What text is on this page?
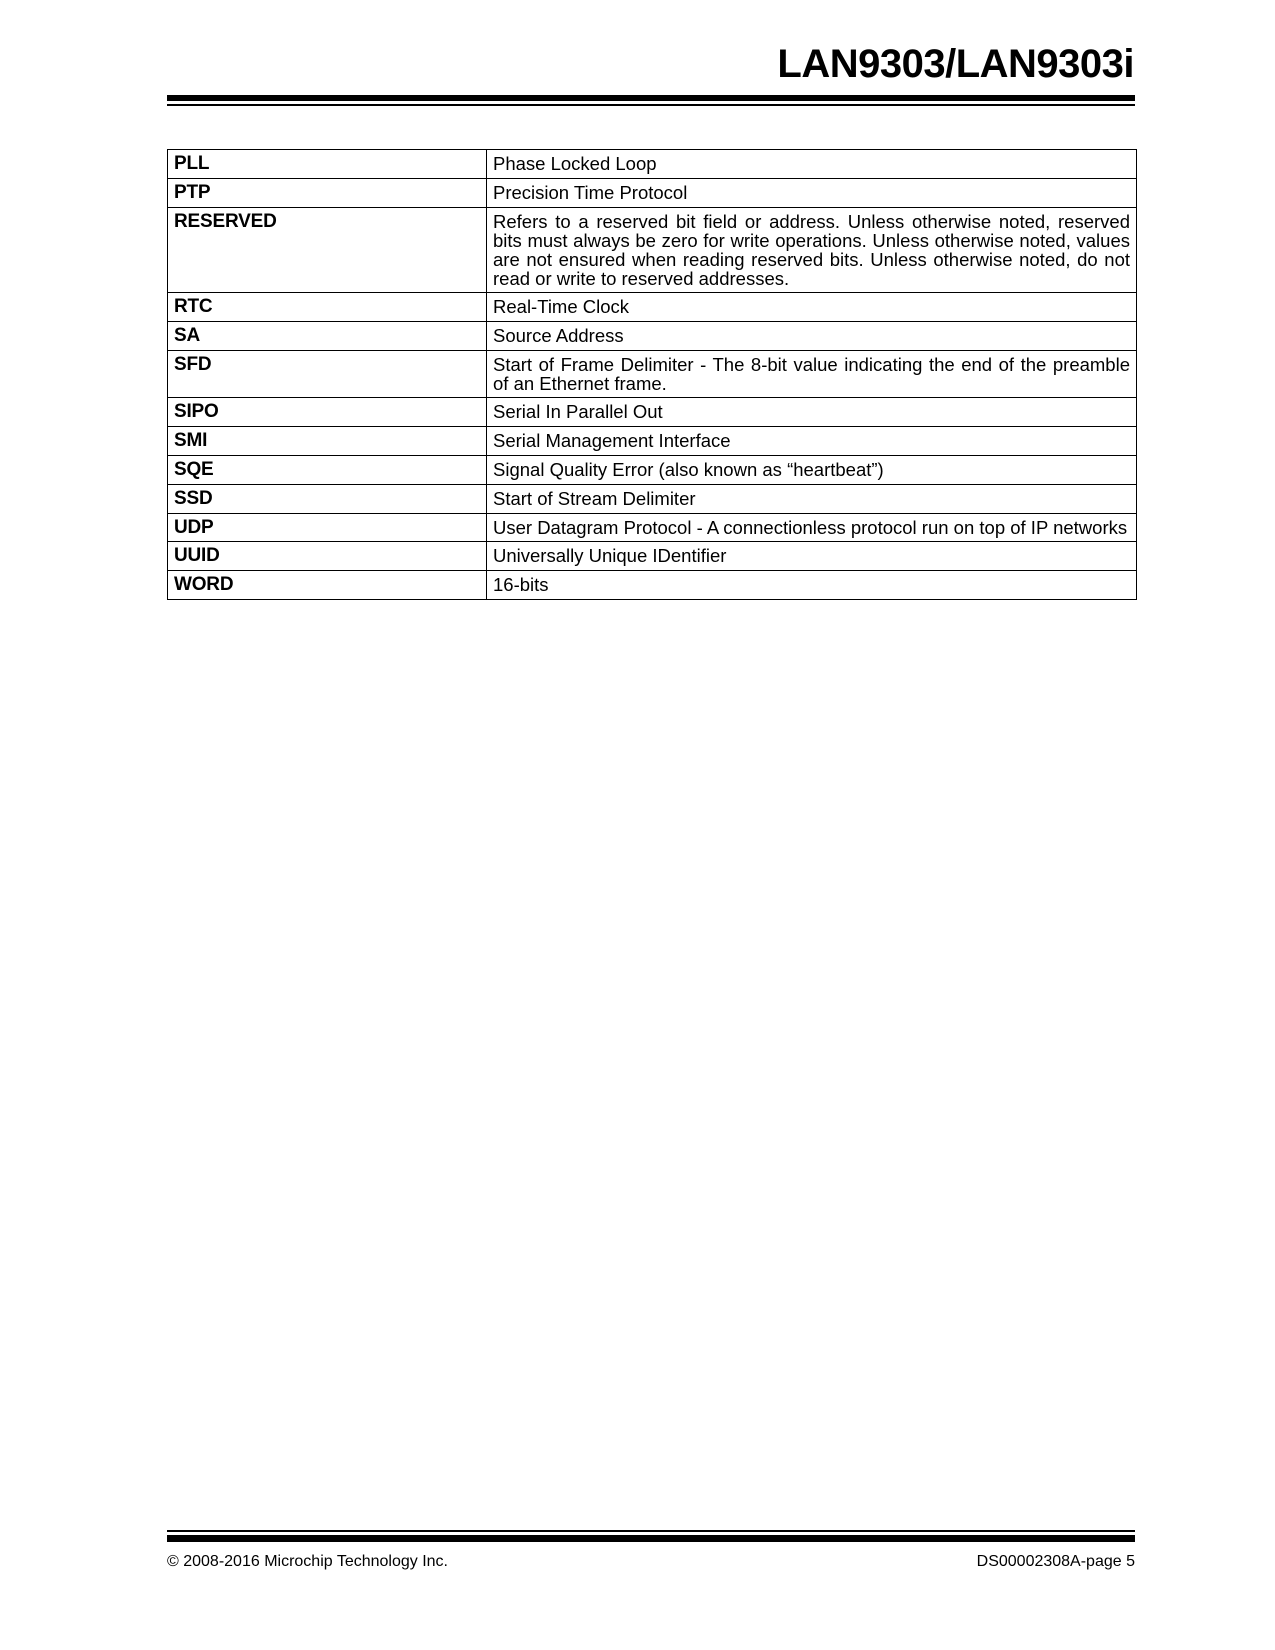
LAN9303/LAN9303i
PLL	Phase Locked Loop
PTP	Precision Time Protocol
RESERVED	Refers to a reserved bit field or address. Unless otherwise noted, reserved bits must always be zero for write operations. Unless otherwise noted, values are not ensured when reading reserved bits. Unless otherwise noted, do not read or write to reserved addresses.
RTC	Real-Time Clock
SA	Source Address
SFD	Start of Frame Delimiter - The 8-bit value indicating the end of the preamble of an Ethernet frame.
SIPO	Serial In Parallel Out
SMI	Serial Management Interface
SQE	Signal Quality Error (also known as “heartbeat”)
SSD	Start of Stream Delimiter
UDP	User Datagram Protocol - A connectionless protocol run on top of IP networks
UUID	Universally Unique IDentifier
WORD	16-bits
© 2008-2016 Microchip Technology Inc.	DS00002308A-page 5
